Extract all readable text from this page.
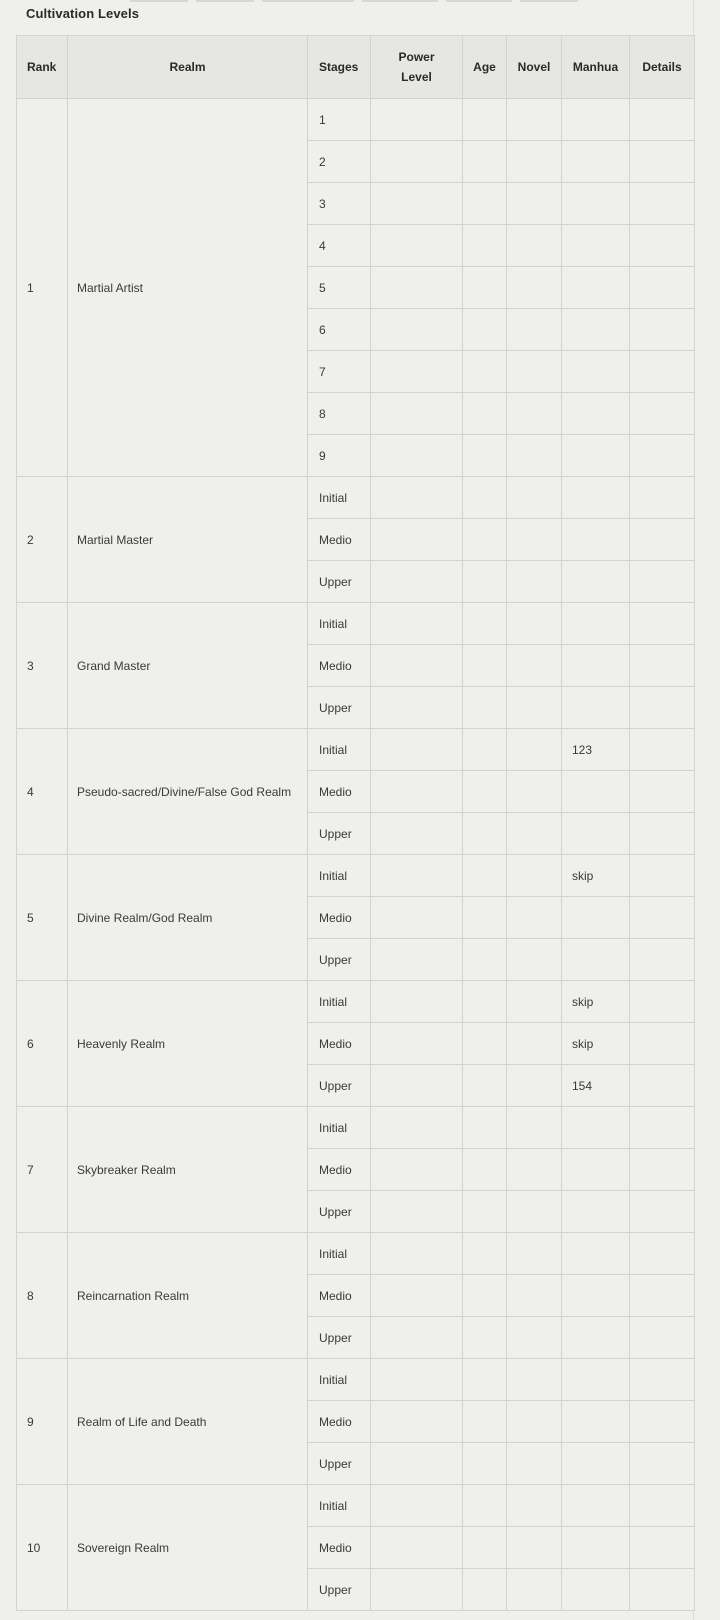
Cultivation Levels
Rank	Realm	Stages	Power Level	Age	Novel	Manhua	Details
1	Martial Artist	1					
		2					
		3					
		4					
		5					
		6					
		7					
		8					
		9					
2	Martial Master	Initial					
		Medio					
		Upper					
3	Grand Master	Initial					
		Medio					
		Upper					
4	Pseudo-sacred/Divine/False God Realm	Initial				123	
		Medio					
		Upper					
5	Divine Realm/God Realm	Initial				skip	
		Medio					
		Upper					
6	Heavenly Realm	Initial				skip	
		Medio				skip	
		Upper				154	
7	Skybreaker Realm	Initial					
		Medio					
		Upper					
8	Reincarnation Realm	Initial					
		Medio					
		Upper					
9	Realm of Life and Death	Initial					
		Medio					
		Upper					
10	Sovereign Realm	Initial					
		Medio					
		Upper					
